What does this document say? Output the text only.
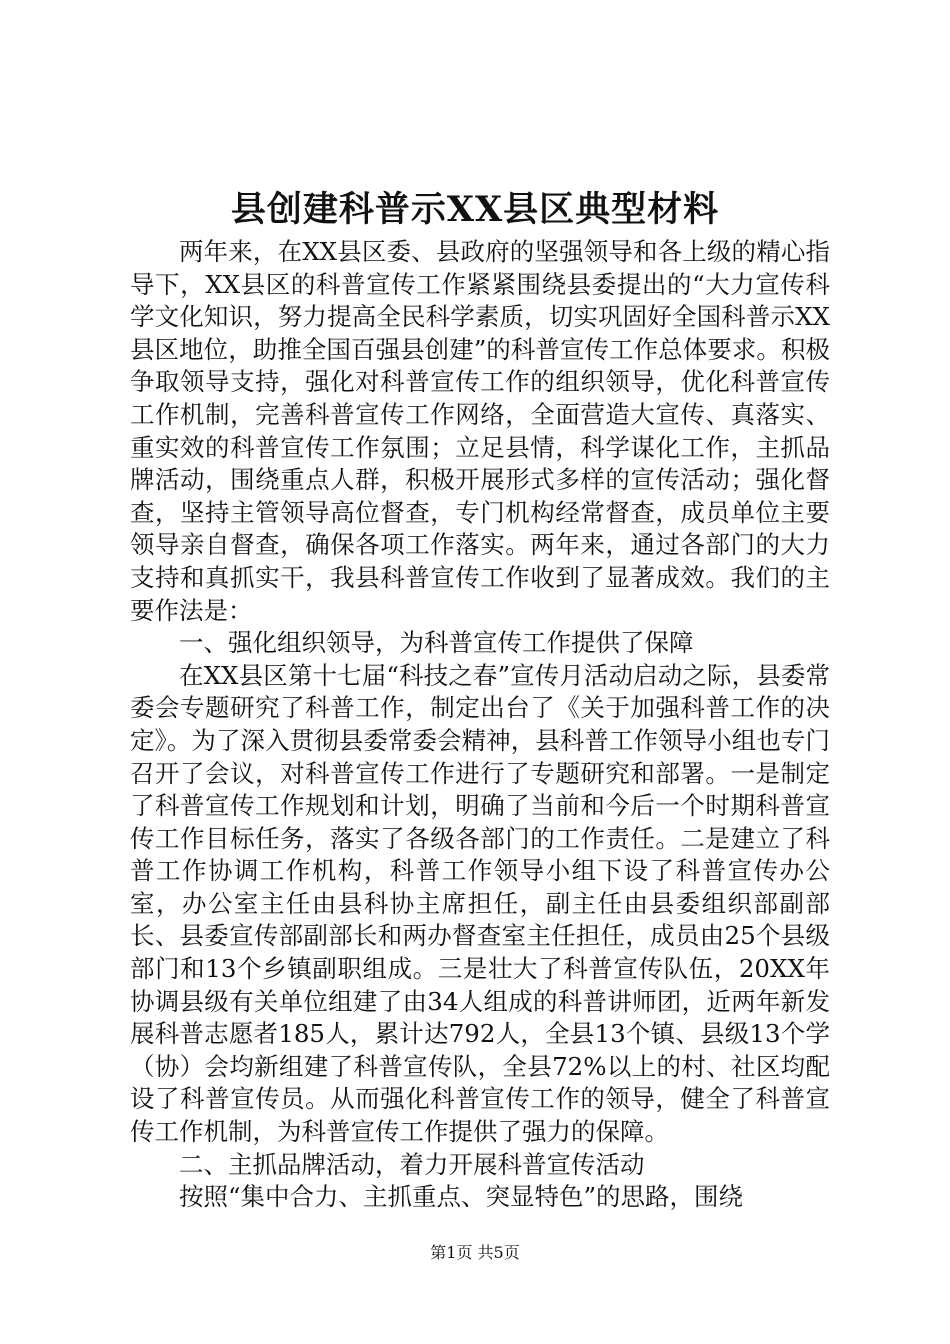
县创建科普示XX县区典型材料

两年来，在XX县区委、县政府的坚强领导和各上级的精心指导下，XX县区的科普宣传工作紧紧围绕县委提出的“大力宣传科学文化知识，努力提高全民科学素质，切实巩固好全国科普示XX县区地位，助推全国百强县创建”的科普宣传工作总体要求。积极争取领导支持，强化对科普宣传工作的组织领导，优化科普宣传工作机制，完善科普宣传工作网络，全面营造大宣传、真落实、重实效的科普宣传工作氛围；立足县情，科学谋化工作，主抓品牌活动，围绕重点人群，积极开展形式多样的宣传活动；强化督查，坚持主管领导高位督查，专门机构经常督查，成员单位主要领导亲自督查，确保各项工作落实。两年来，通过各部门的大力支持和真抓实干，我县科普宣传工作收到了显著成效。我们的主要作法是：

一、强化组织领导，为科普宣传工作提供了保障

在XX县区第十七届“科技之春”宣传月活动启动之际，县委常委会专题研究了科普工作，制定出台了《关于加强科普工作的决定》。为了深入贯彻县委常委会精神，县科普工作领导小组也专门召开了会议，对科普宣传工作进行了专题研究和部署。一是制定了科普宣传工作规划和计划，明确了当前和今后一个时期科普宣传工作目标任务，落实了各级各部门的工作责任。二是建立了科普工作协调工作机构，科普工作领导小组下设了科普宣传办公室，办公室主任由县科协主席担任，副主任由县委组织部副部长、县委宣传部副部长和两办督查室主任担任，成员由25个县级部门和13个乡镇副职组成。三是壮大了科普宣传队伍，20XX年协调县级有关单位组建了由34人组成的科普讲师团，近两年新发展科普志愿者185人，累计达792人，全县13个镇、县级13个学（协）会均新组建了科普宣传队，全县72%以上的村、社区均配设了科普宣传员。从而强化科普宣传工作的领导，健全了科普宣传工作机制，为科普宣传工作提供了强力的保障。

二、主抓品牌活动，着力开展科普宣传活动

按照“集中合力、主抓重点、突显特色”的思路，围绕

第1页 共5页
